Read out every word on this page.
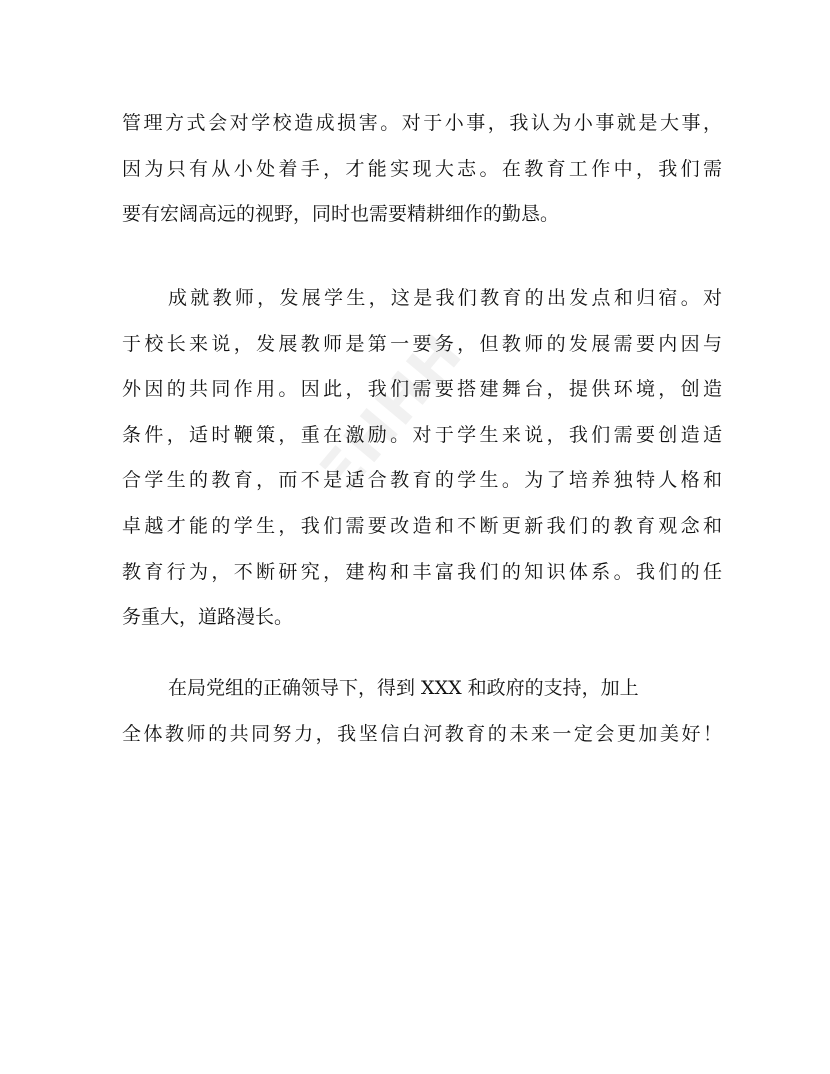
ΞHHH
管理方式会对学校造成损害。对于小事，我认为小事就是大事，
因为只有从小处着手，才能实现大志。在教育工作中，我们需
要有宏阔高远的视野，同时也需要精耕细作的勤恳。
成就教师，发展学生，这是我们教育的出发点和归宿。对
于校长来说，发展教师是第一要务，但教师的发展需要内因与
外因的共同作用。因此，我们需要搭建舞台，提供环境，创造
条件，适时鞭策，重在激励。对于学生来说，我们需要创造适
合学生的教育，而不是适合教育的学生。为了培养独特人格和
卓越才能的学生，我们需要改造和不断更新我们的教育观念和
教育行为，不断研究，建构和丰富我们的知识体系。我们的任
务重大，道路漫长。
在局党组的正确领导下，得到 XXX 和政府的支持，加上
全体教师的共同努力，我坚信白河教育的未来一定会更加美好！
